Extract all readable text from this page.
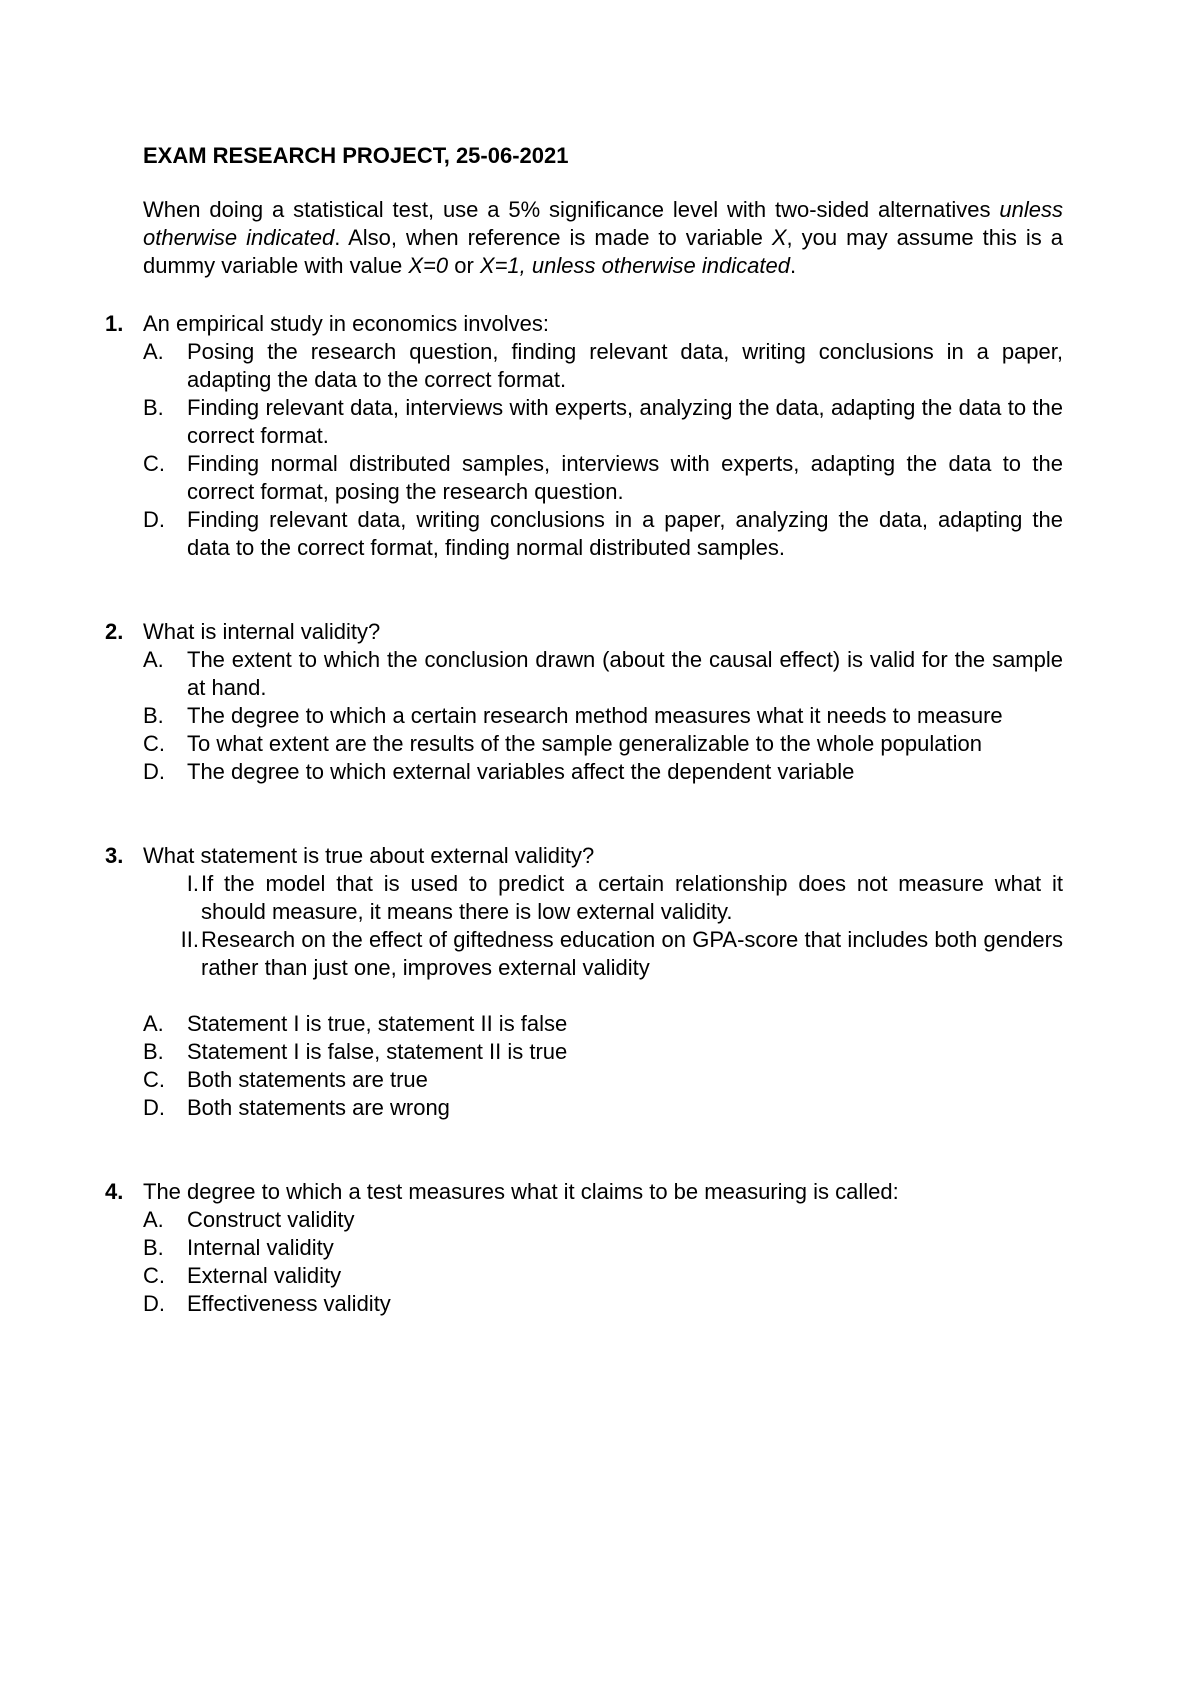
EXAM RESEARCH PROJECT, 25-06-2021

When doing a statistical test, use a 5% significance level with two-sided alternatives unless otherwise indicated. Also, when reference is made to variable X, you may assume this is a dummy variable with value X=0 or X=1, unless otherwise indicated.

1. An empirical study in economics involves:

A.	Posing the research question, finding relevant data, writing conclusions in a paper, adapting the data to the correct format.
B.	Finding relevant data, interviews with experts, analyzing the data, adapting the data to the correct format.
C.	Finding normal distributed samples, interviews with experts, adapting the data to the correct format, posing the research question.
D.	Finding relevant data, writing conclusions in a paper, analyzing the data, adapting the data to the correct format, finding normal distributed samples.
2. What is internal validity?

A.	The extent to which the conclusion drawn (about the causal effect) is valid for the sample at hand.
B.	The degree to which a certain research method measures what it needs to measure
C.	To what extent are the results of the sample generalizable to the whole population
D.	The degree to which external variables affect the dependent variable
3. What statement is true about external validity?

I. If the model that is used to predict a certain relationship does not measure what it should measure, it means there is low external validity.
II. Research on the effect of giftedness education on GPA-score that includes both genders rather than just one, improves external validity
A.	Statement I is true, statement II is false
B.	Statement I is false, statement II is true
C.	Both statements are true
D.	Both statements are wrong
4. The degree to which a test measures what it claims to be measuring is called:

A.	Construct validity
B.	Internal validity
C.	External validity
D.	Effectiveness validity
